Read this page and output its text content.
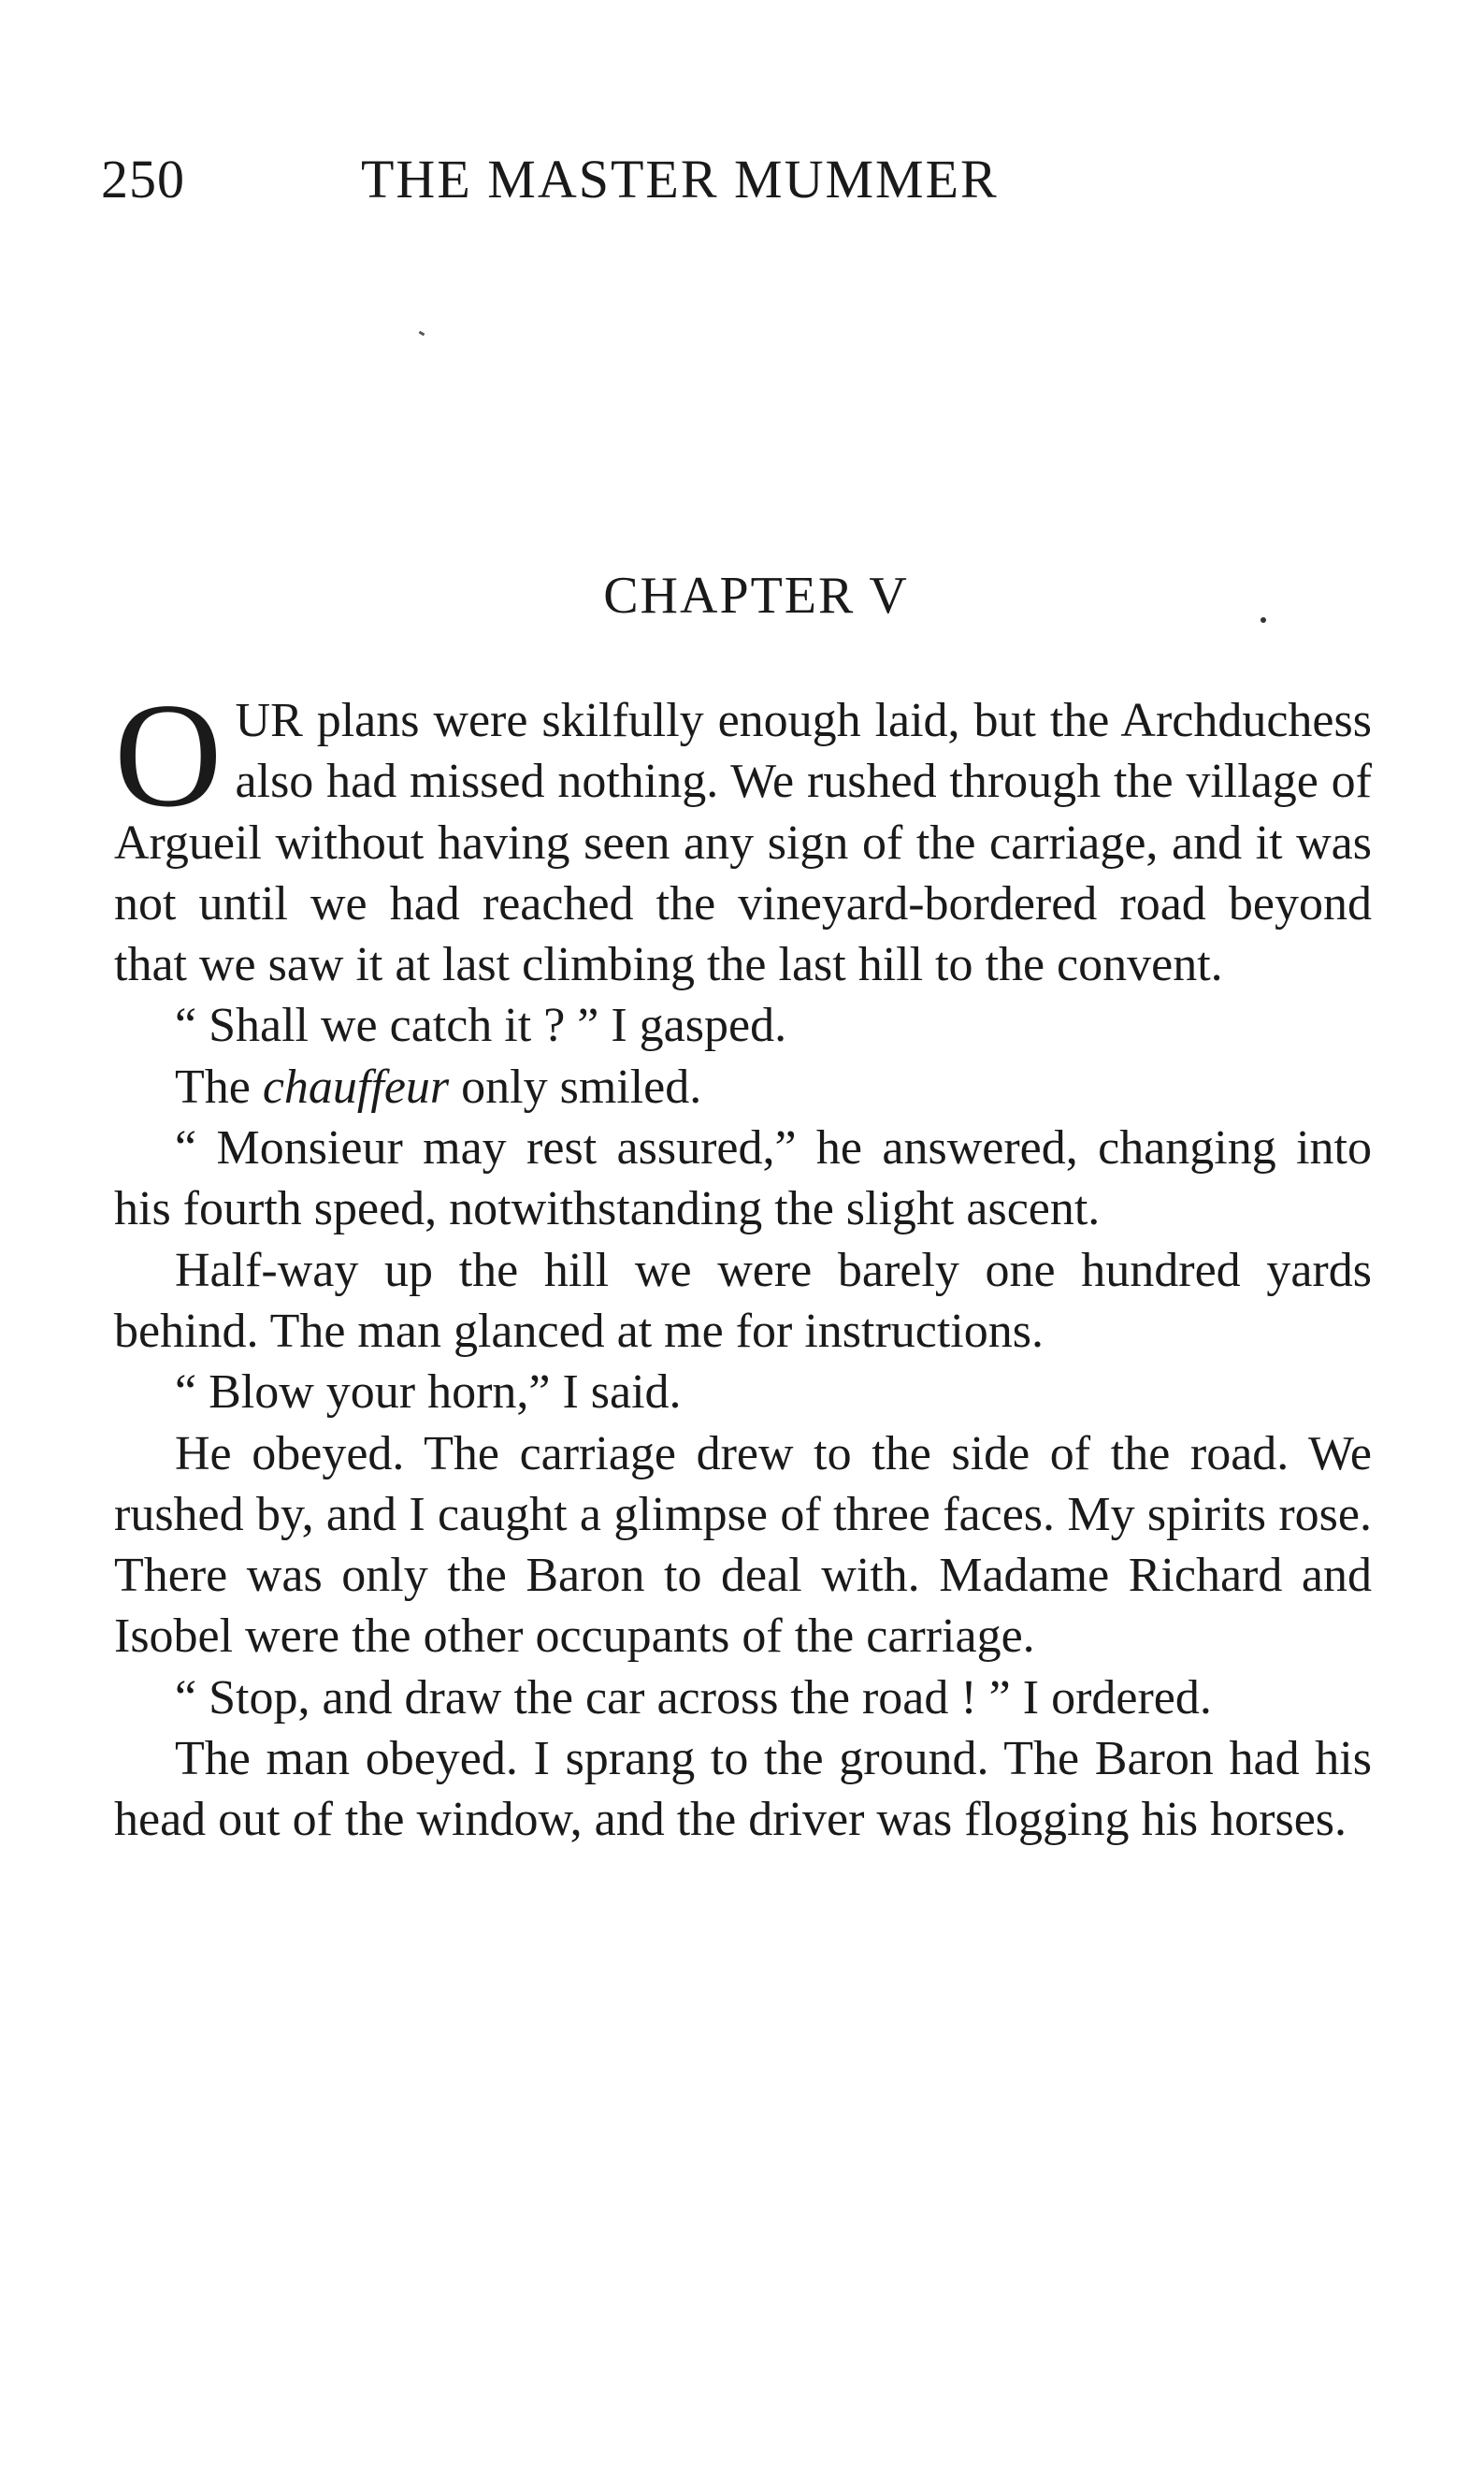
250	THE MASTER MUMMER
CHAPTER V

OUR plans were skilfully enough laid, but the Archduchess also had missed nothing. We rushed through the village of Argueil without having seen any sign of the carriage, and it was not until we had reached the vineyard-bordered road beyond that we saw it at last climbing the last hill to the convent.

“ Shall we catch it ? ” I gasped.

The chauffeur only smiled.

“ Monsieur may rest assured,” he answered, changing into his fourth speed, notwithstanding the slight ascent.

Half-way up the hill we were barely one hundred yards behind. The man glanced at me for instructions.

“ Blow your horn,” I said.

He obeyed. The carriage drew to the side of the road. We rushed by, and I caught a glimpse of three faces. My spirits rose. There was only the Baron to deal with. Madame Richard and Isobel were the other occupants of the carriage.

“ Stop, and draw the car across the road ! ” I ordered.

The man obeyed. I sprang to the ground. The Baron had his head out of the window, and the driver was flogging his horses.
